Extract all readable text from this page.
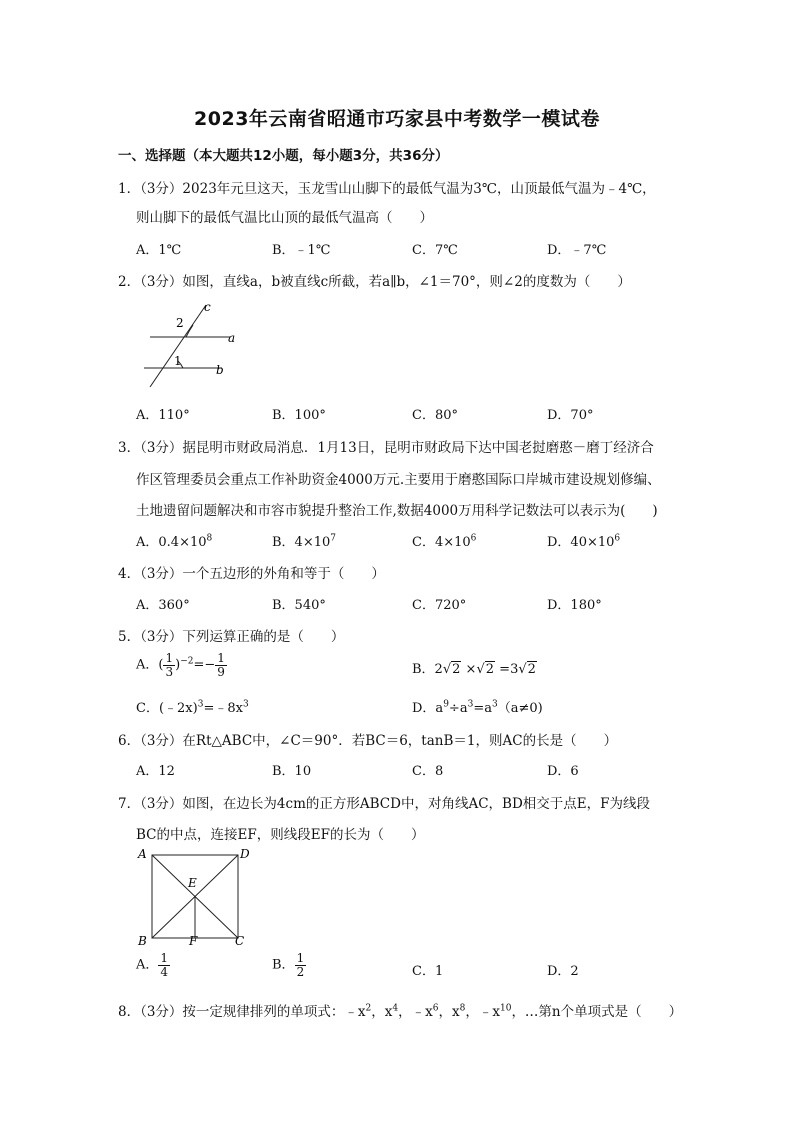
2023年云南省昭通市巧家县中考数学一模试卷
一、选择题（本大题共12小题，每小题3分，共36分）
1．（3分）2023年元旦这天，玉龙雪山山脚下的最低气温为3℃，山顶最低气温为﹣4℃，
则山脚下的最低气温比山顶的最低气温高（　　）
A．1℃	B．﹣1℃	C．7℃	D．﹣7℃
2．（3分）如图，直线a，b被直线c所截，若a∥b，∠1＝70°，则∠2的度数为（　　）
c
a
b
2
1
A．110°	B．100°	C．80°	D．70°
3．（3分）据昆明市财政局消息．1月13日，昆明市财政局下达中国老挝磨憨－磨丁经济合
作区管理委员会重点工作补助资金4000万元.主要用于磨憨国际口岸城市建设规划修编、
土地遗留问题解决和市容市貌提升整治工作,数据4000万用科学记数法可以表示为(　　)
A．$0.4\times 10^8$	B．$4\times 10^7$	C．$4\times 10^6$	D．$40\times 10^6$
4．（3分）一个五边形的外角和等于（　　）
A．360°	B．540°	C．720°	D．180°
5．（3分）下列运算正确的是（　　）
A．( $\frac{1}{3} )^{-2}=- \frac{1}{9}$	B．2√2 ×√2 =3√2
C．$(﹣2x)^3=﹣8x^3$	D．$a^9\div a^3=a^3(a\ne 0)$
6．（3分）在Rt△ABC中，∠C＝90°．若BC＝6，tanB＝1，则AC的长是（　　）
A．12	B．10	C．8	D．6
7．（3分）如图，在边长为4cm的正方形ABCD中，对角线AC，BD相交于点E，F为线段
BC的中点，连接EF，则线段EF的长为（　　）
A	D
B	C
E
F
A． $\frac{1}{4}$	B． $\frac{1}{2}$	C．1	D．2
8．（3分）按一定规律排列的单项式：$﹣x^2$，$x^4$，$﹣x^6$，$x^8$，$﹣x^{10}$，…第n个单项式是（　　）
